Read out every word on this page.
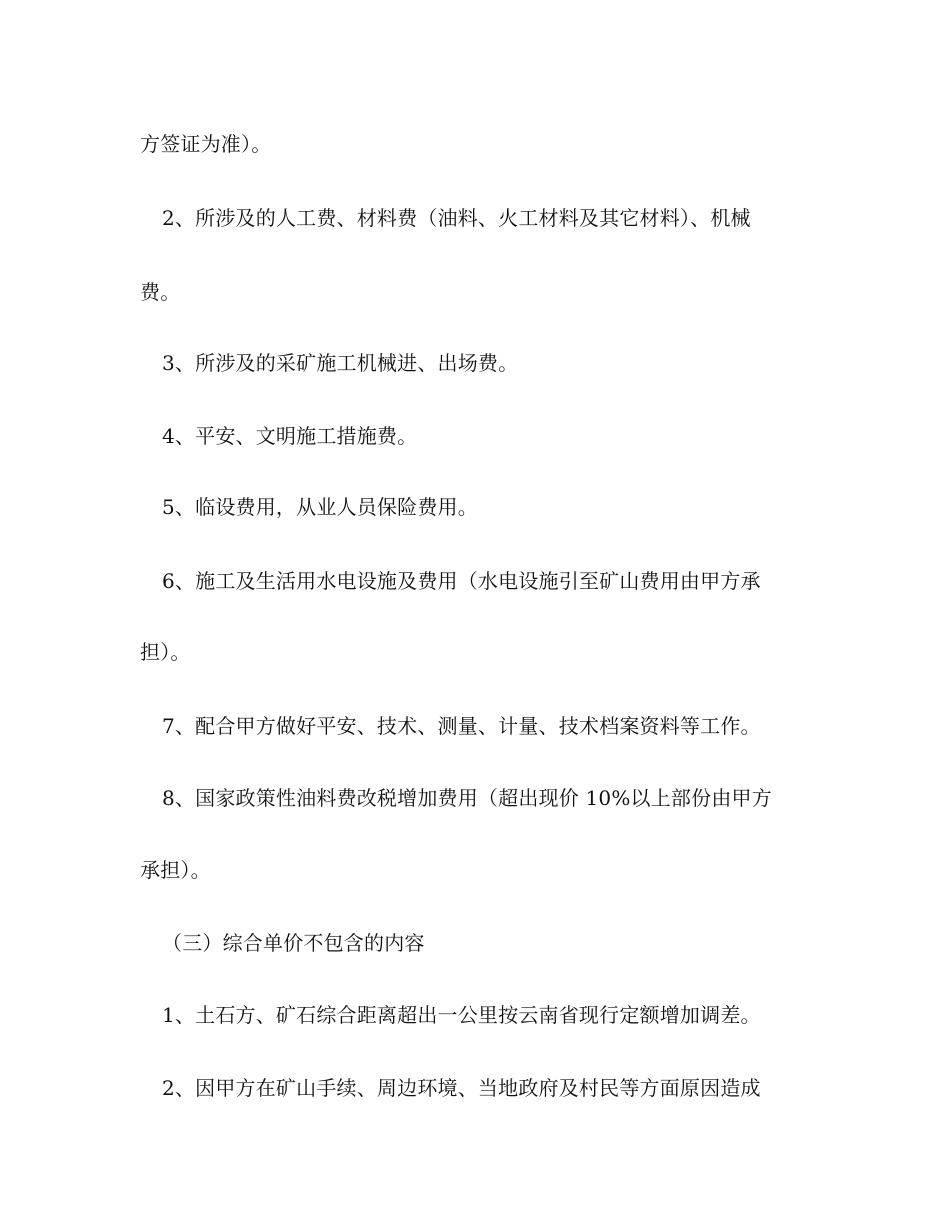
方签证为准）。
2、所涉及的人工费、材料费（油料、火工材料及其它材料）、机械
费。
3、所涉及的采矿施工机械进、出场费。
4、平安、文明施工措施费。
5、临设费用，从业人员保险费用。
6、施工及生活用水电设施及费用（水电设施引至矿山费用由甲方承
担）。
7、配合甲方做好平安、技术、测量、计量、技术档案资料等工作。
8、国家政策性油料费改税增加费用（超出现价 10%以上部份由甲方
承担）。
（三）综合单价不包含的内容
1、土石方、矿石综合距离超出一公里按云南省现行定额增加调差。
2、因甲方在矿山手续、周边环境、当地政府及村民等方面原因造成
